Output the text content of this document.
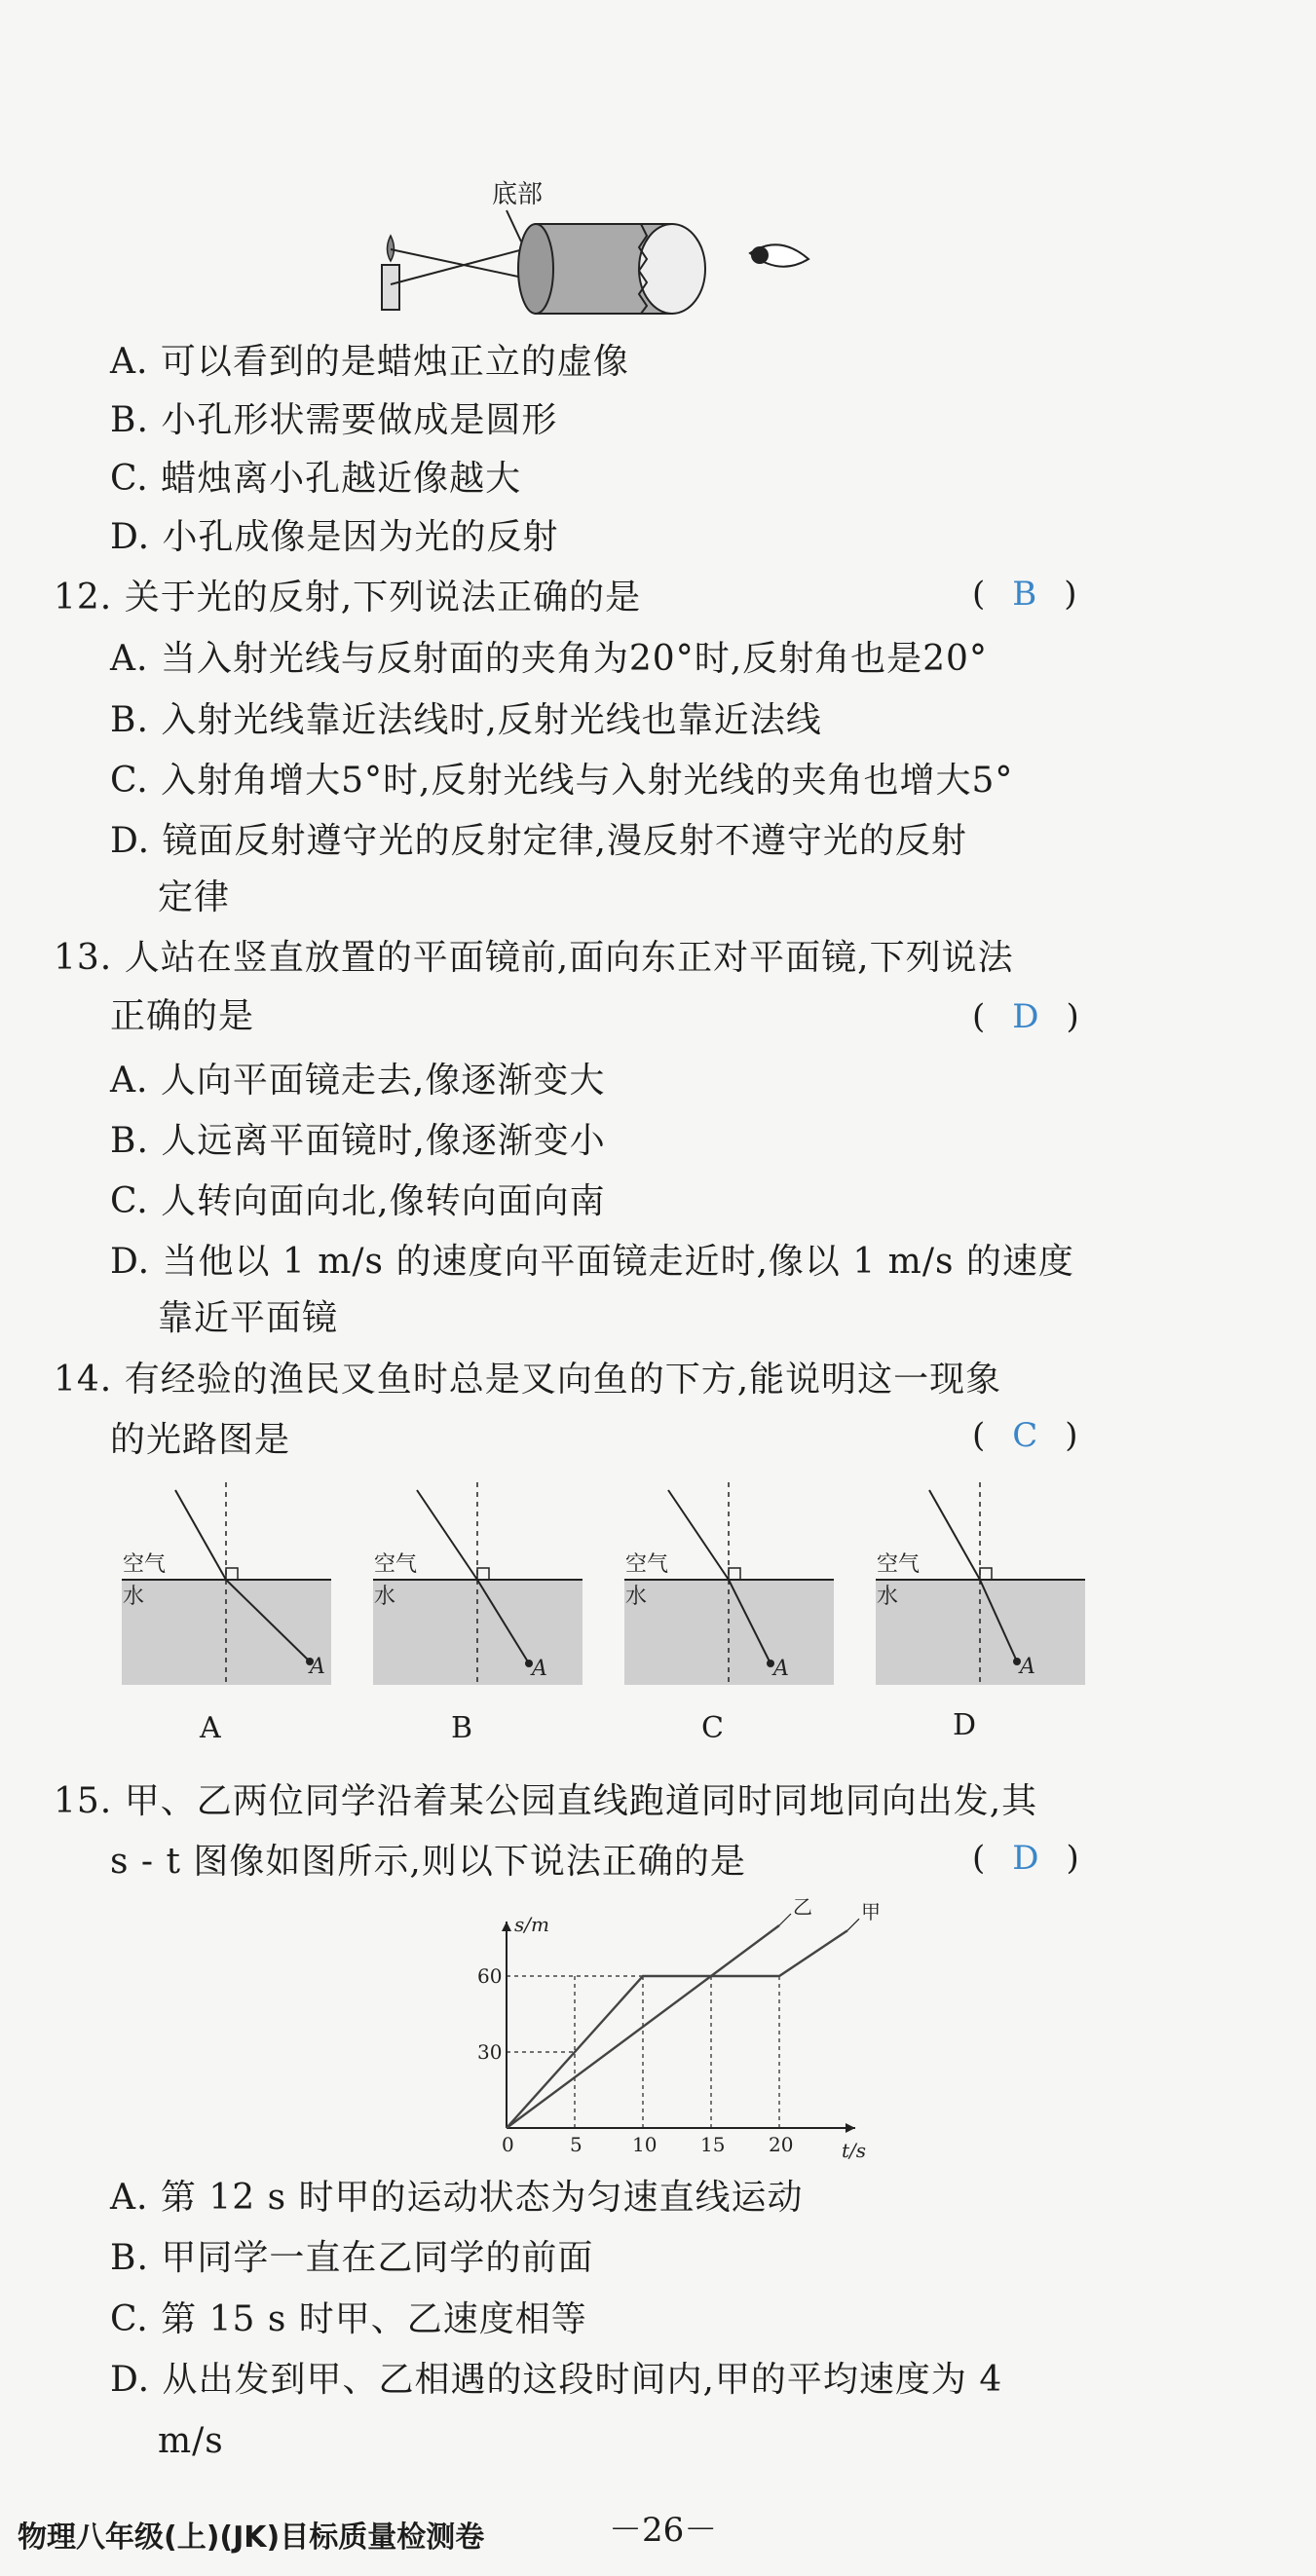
底部
A. 可以看到的是蜡烛正立的虚像
B. 小孔形状需要做成是圆形
C. 蜡烛离小孔越近像越大
D. 小孔成像是因为光的反射
12. 关于光的反射,下列说法正确的是	( B )
A. 当入射光线与反射面的夹角为20°时,反射角也是20°
B. 入射光线靠近法线时,反射光线也靠近法线
C. 入射角增大5°时,反射光线与入射光线的夹角也增大5°
D. 镜面反射遵守光的反射定律,漫反射不遵守光的反射
定律
13. 人站在竖直放置的平面镜前,面向东正对平面镜,下列说法
正确的是	( D )
A. 人向平面镜走去,像逐渐变大
B. 人远离平面镜时,像逐渐变小
C. 人转向面向北,像转向面向南
D. 当他以 1 m/s 的速度向平面镜走近时,像以 1 m/s 的速度
靠近平面镜
14. 有经验的渔民叉鱼时总是叉向鱼的下方,能说明这一现象
的光路图是	( C )
空气
水
A
空气
水
A
空气
水
A
空气
水
A
A	B	C	D
15. 甲、乙两位同学沿着某公园直线跑道同时同地同向出发,其
s - t 图像如图所示,则以下说法正确的是	( D )
s/m
t/s
0	5	10 15 20
30
60
甲
乙
A. 第 12 s 时甲的运动状态为匀速直线运动
B. 甲同学一直在乙同学的前面
C. 第 15 s 时甲、乙速度相等
D. 从出发到甲、乙相遇的这段时间内,甲的平均速度为 4
m/s
物理八年级(上)(JK)目标质量检测卷	－26－
